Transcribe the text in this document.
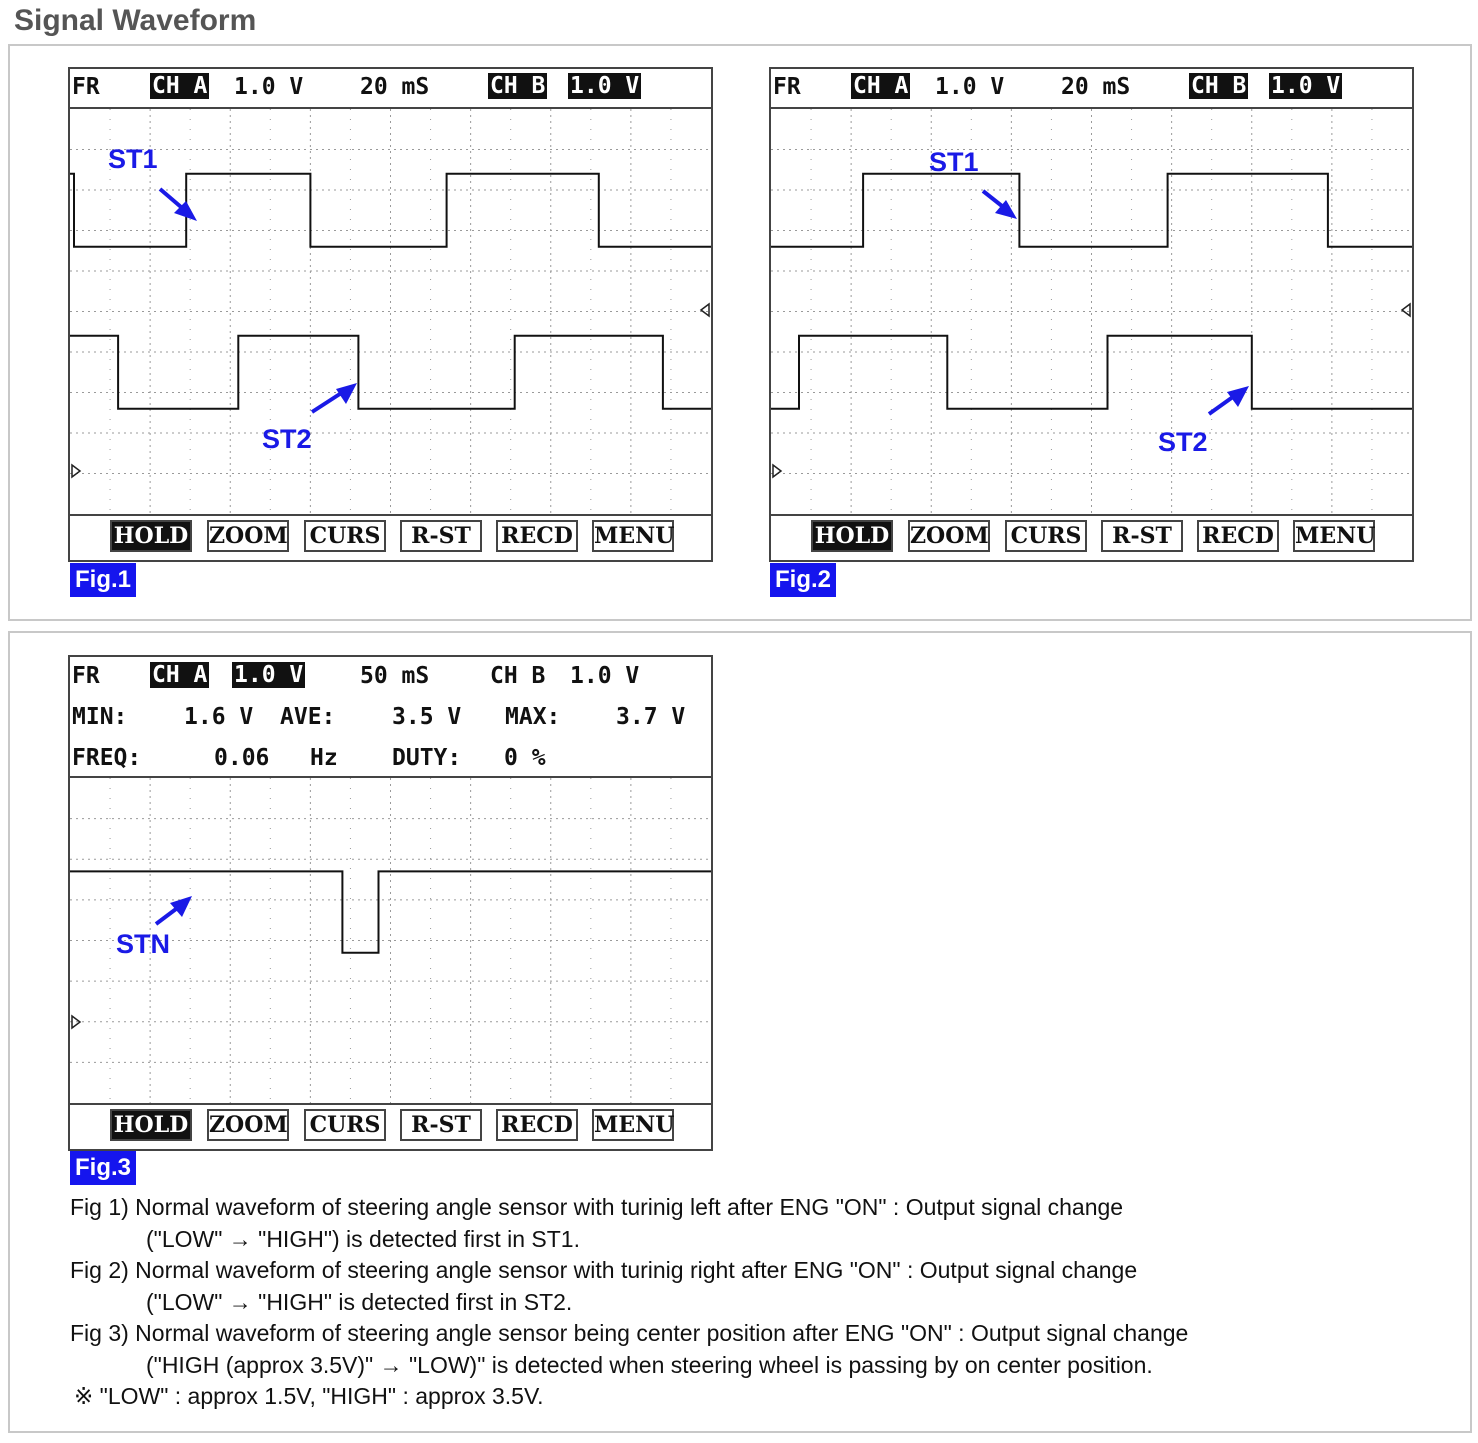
Signal Waveform
FR CH A 1.0 V 20 mS	CH B 1.0 V
ST1
ST2
HOLD ZOOM CURS	R-ST	RECD MENU
Fig.1
FR CH A 1.0 V 20 mS	CH B 1.0 V
ST1
ST2
HOLD ZOOM CURS	R-ST	RECD MENU
Fig.2
FR CH A 1.0 V 50 mS	CH B 1.0 V
MIN: 1.6 V AVE: 3.5 V MAX: 3.7 V
FREQ:	0.06 Hz DUTY: 0 %
STN
HOLD ZOOM CURS	R-ST	RECD MENU
Fig.3
Fig 1) Normal waveform of steering angle sensor with turinig left after ENG "ON" : Output signal change
("LOW" → "HIGH") is detected first in ST1.
Fig 2) Normal waveform of steering angle sensor with turinig right after ENG "ON" : Output signal change
("LOW" → "HIGH" is detected first in ST2.
Fig 3) Normal waveform of steering angle sensor being center position after ENG "ON" : Output signal change
("HIGH (approx 3.5V)" → "LOW)" is detected when steering wheel is passing by on center position.
※ "LOW" : approx 1.5V, "HIGH" : approx 3.5V.
